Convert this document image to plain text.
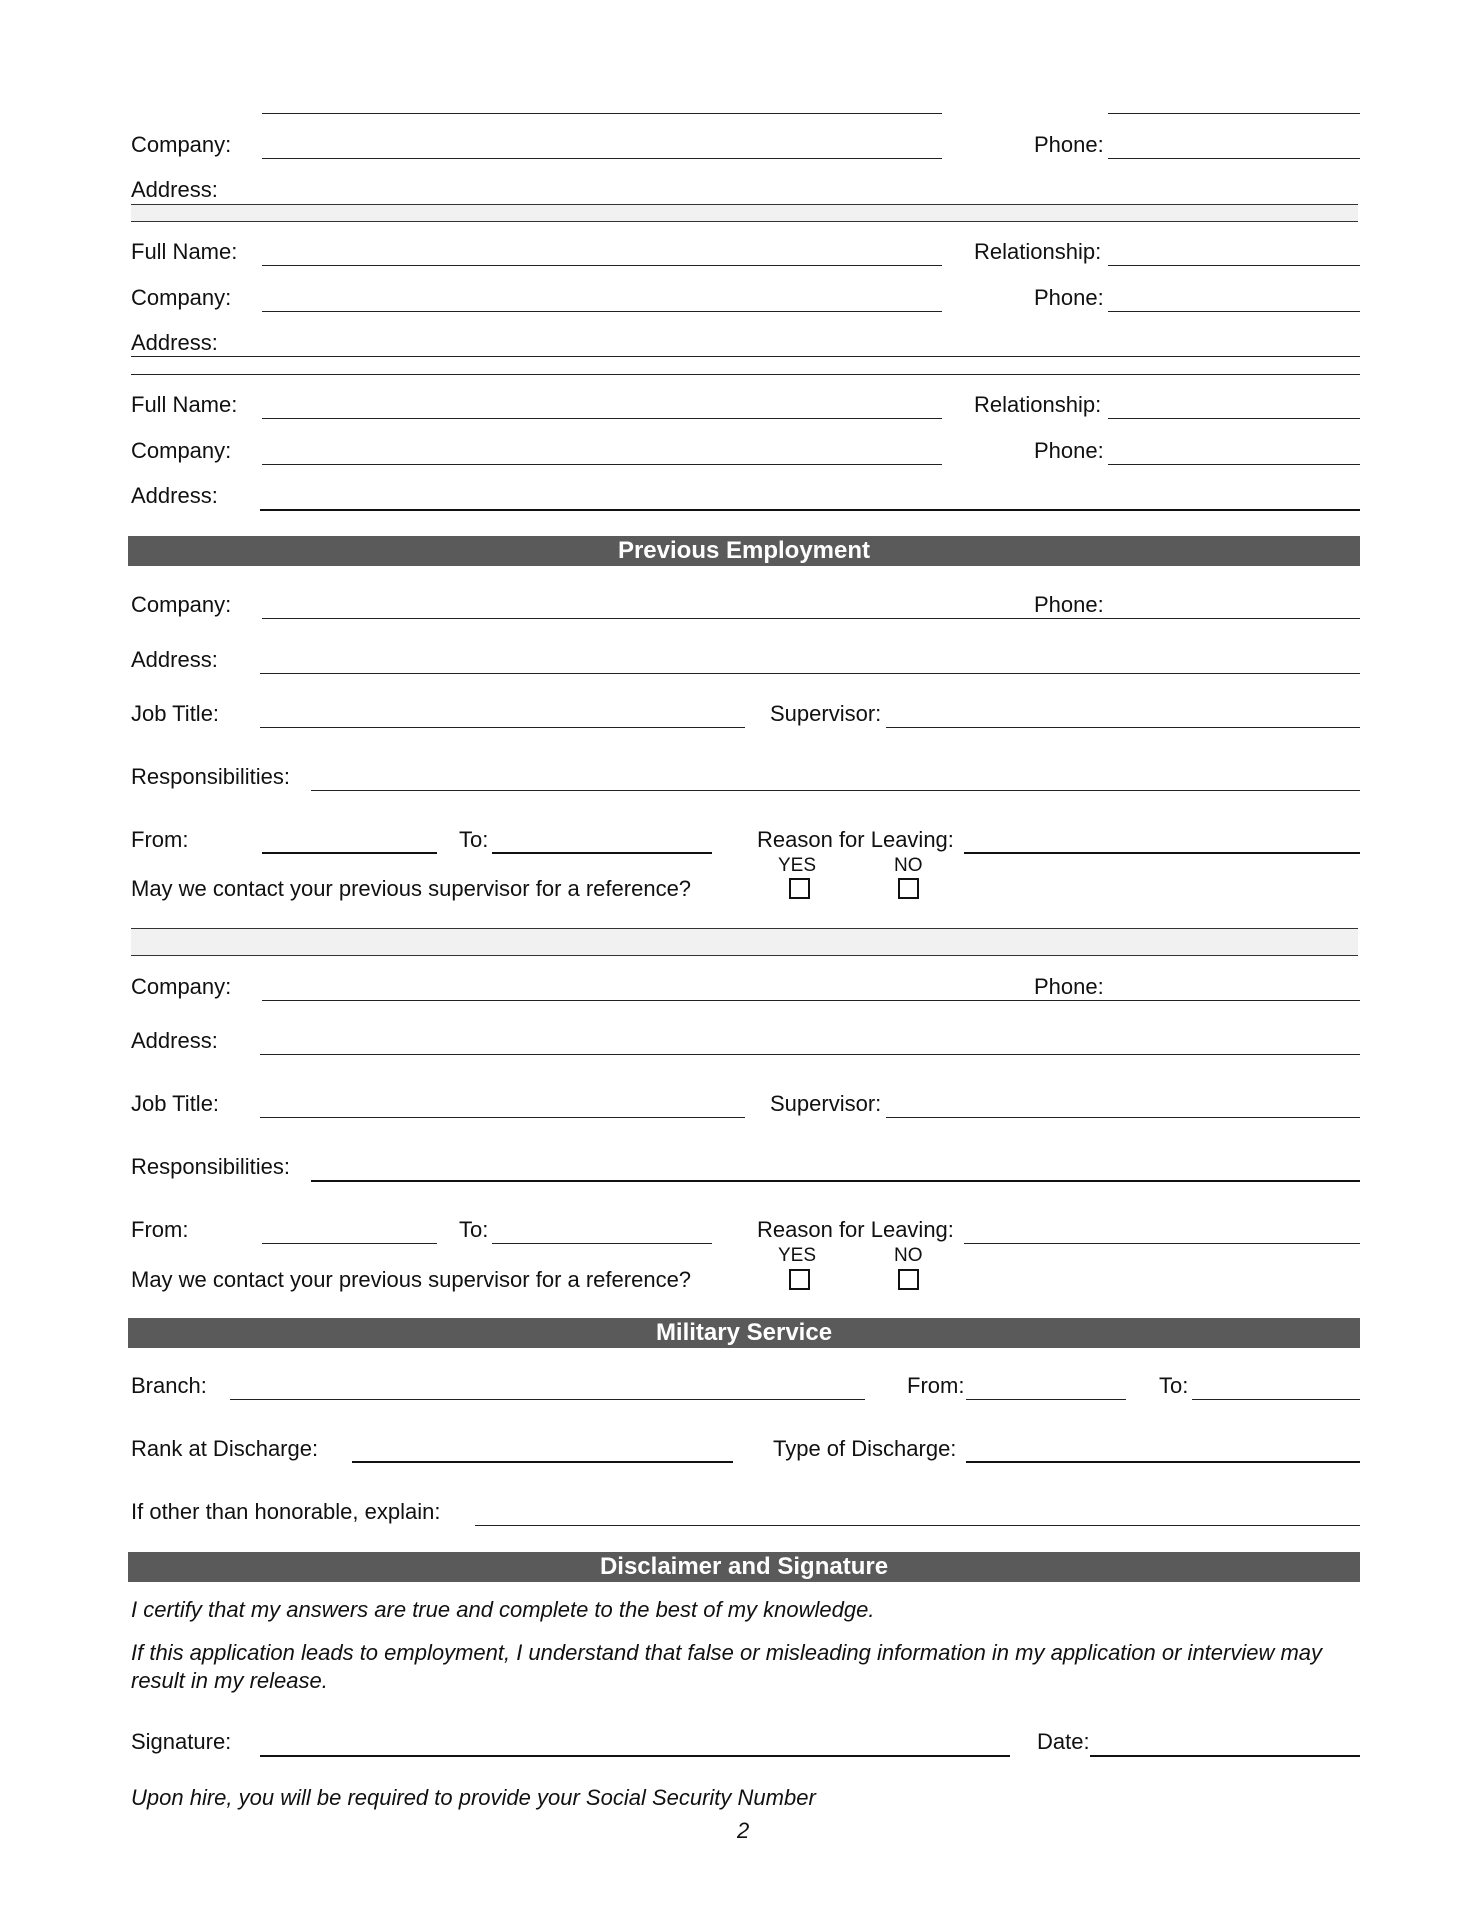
Company:	Phone:
Address:
Full Name:	Relationship:
Company:	Phone:
Address:
Full Name:	Relationship:
Company:	Phone:
Address:
Previous Employment
Company:	Phone:
Address:
Job Title:	Supervisor:
Responsibilities:
From:	To:	Reason for Leaving:
YES	NO
May we contact your previous supervisor for a reference?
Company:	Phone:
Address:
Job Title:	Supervisor:
Responsibilities:
From:	To:	Reason for Leaving:
YES	NO
May we contact your previous supervisor for a reference?
Military Service
Branch:	From:	To:
Rank at Discharge:	Type of Discharge:
If other than honorable, explain:
Disclaimer and Signature
I certify that my answers are true and complete to the best of my knowledge.
If this application leads to employment, I understand that false or misleading information in my application or interview may result in my release.
Signature:	Date:
Upon hire, you will be required to provide your Social Security Number
2
